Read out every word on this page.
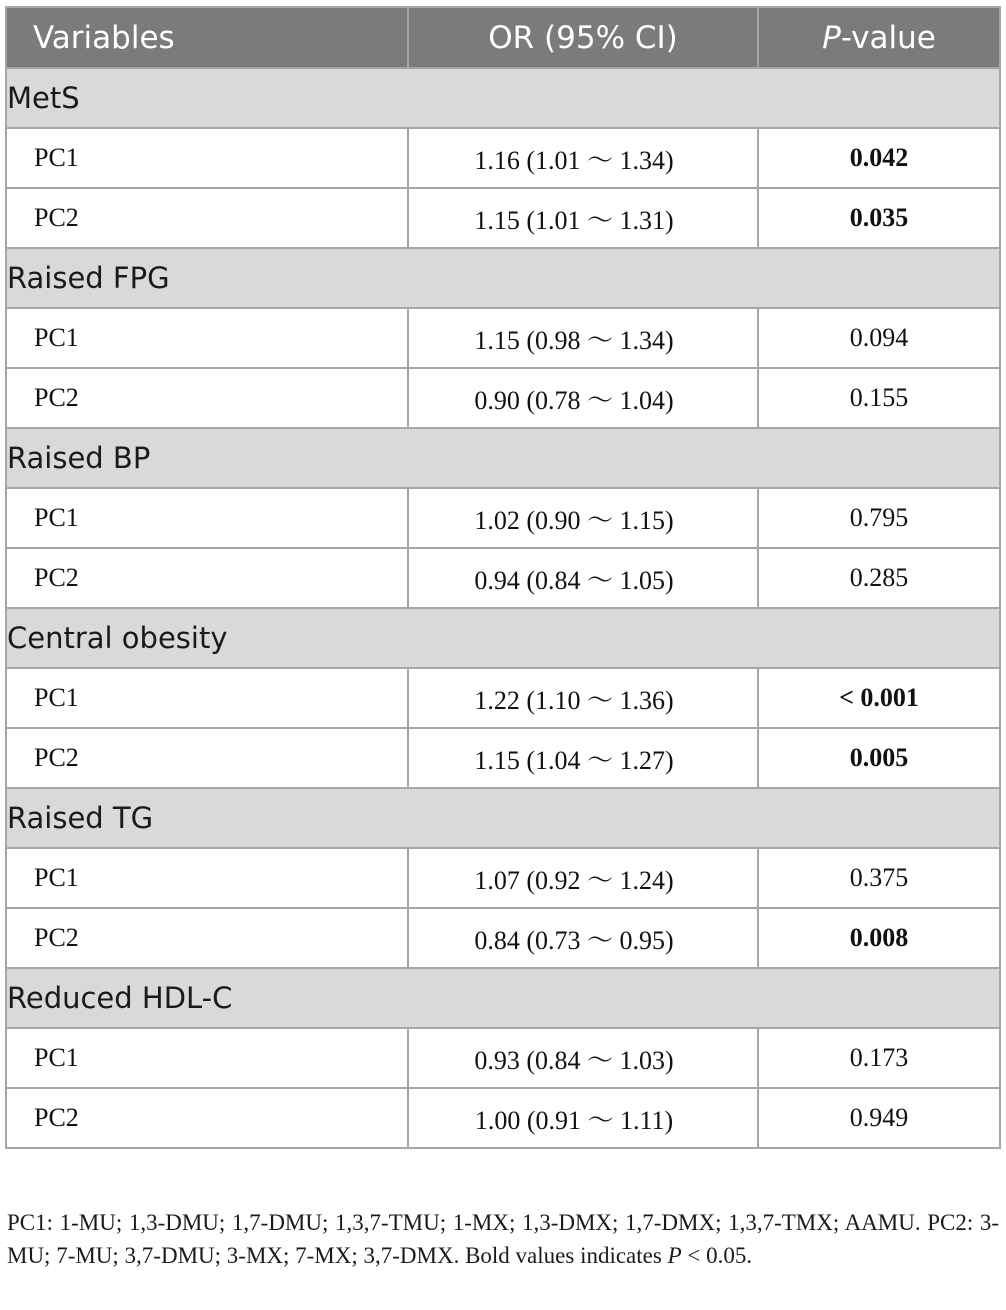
Variables	OR (95% CI)	P-value
MetS		
PC1	1.16 (1.01 ～ 1.34)	0.042
PC2	1.15 (1.01 ～ 1.31)	0.035
Raised FPG		
PC1	1.15 (0.98 ～ 1.34)	0.094
PC2	0.90 (0.78 ～ 1.04)	0.155
Raised BP		
PC1	1.02 (0.90 ～ 1.15)	0.795
PC2	0.94 (0.84 ～ 1.05)	0.285
Central obesity		
PC1	1.22 (1.10 ～ 1.36)	< 0.001
PC2	1.15 (1.04 ～ 1.27)	0.005
Raised TG		
PC1	1.07 (0.92 ～ 1.24)	0.375
PC2	0.84 (0.73 ～ 0.95)	0.008
Reduced HDL-C		
PC1	0.93 (0.84 ～ 1.03)	0.173
PC2	1.00 (0.91 ～ 1.11)	0.949
PC1: 1-MU; 1,3-DMU; 1,7-DMU; 1,3,7-TMU; 1-MX; 1,3-DMX; 1,7-DMX; 1,3,7-TMX; AAMU. PC2: 3-MU; 7-MU; 3,7-DMU; 3-MX; 7-MX; 3,7-DMX. Bold values indicates P < 0.05.
